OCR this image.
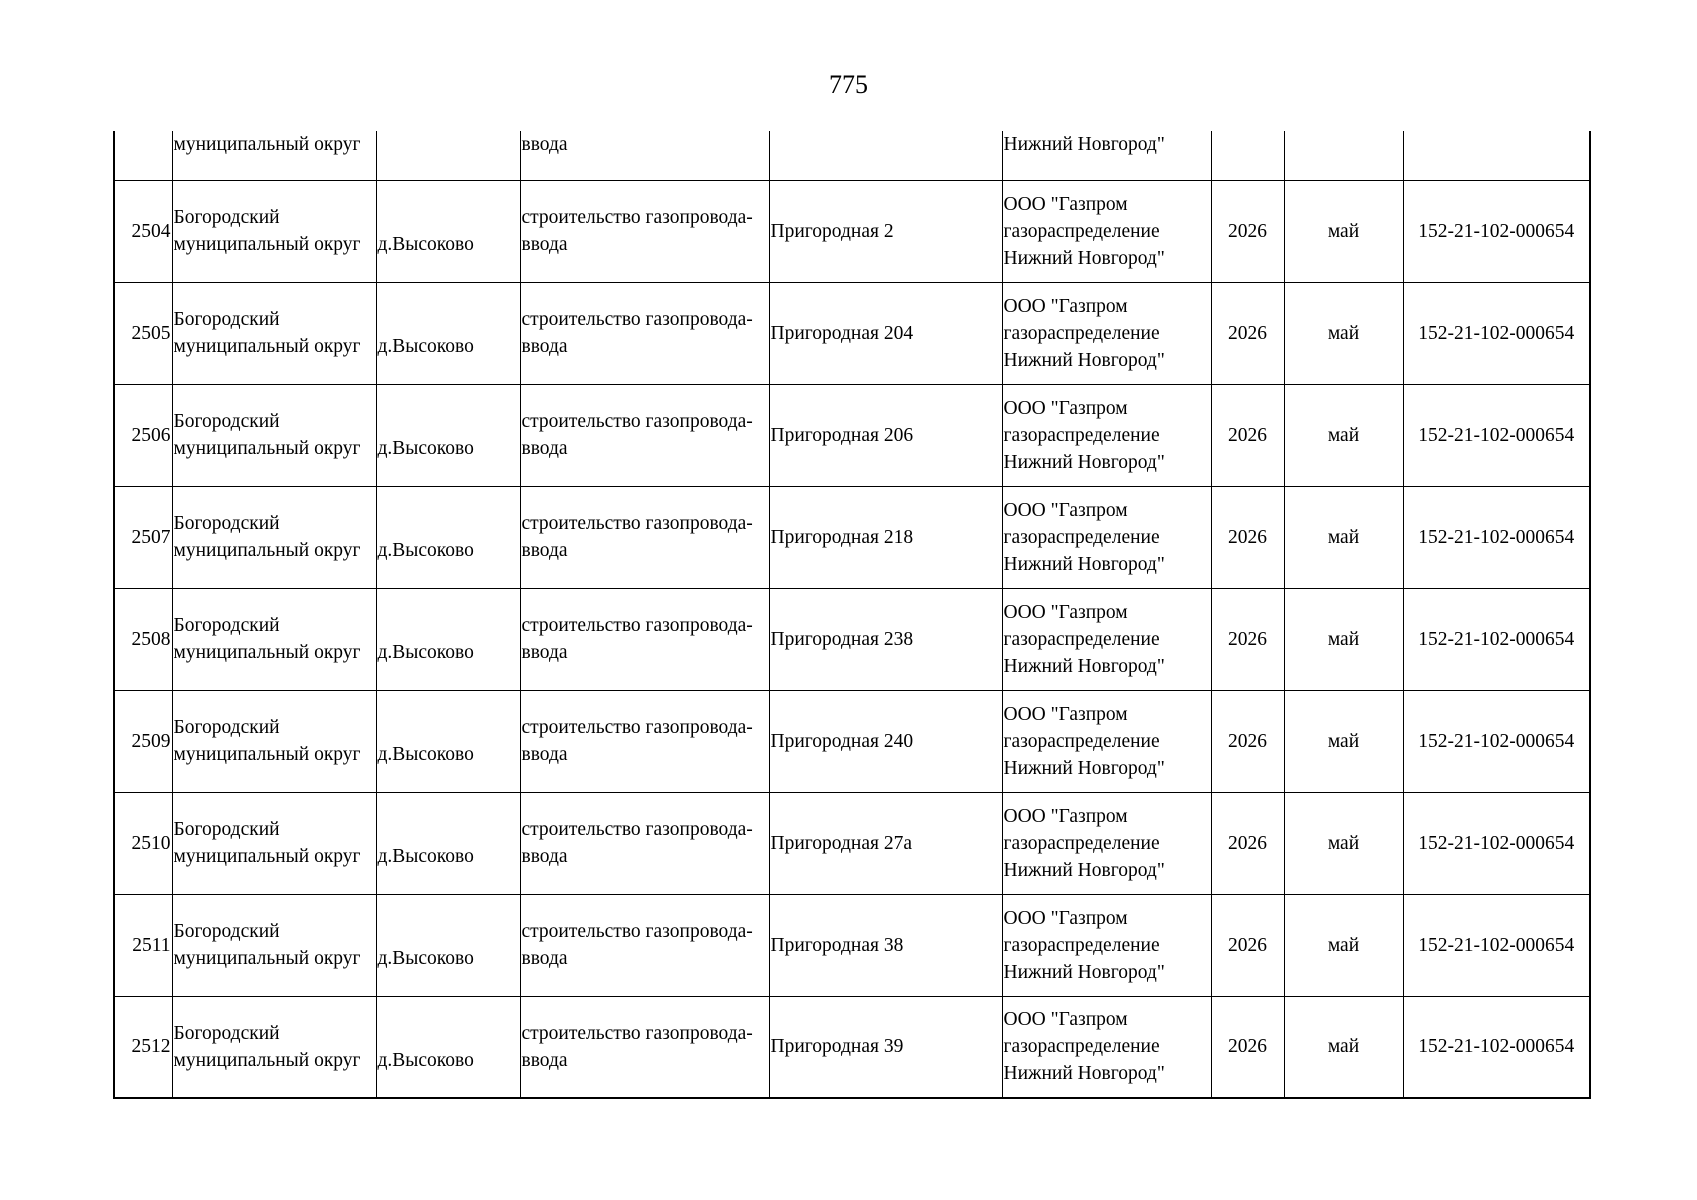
775
	муниципальный округ		ввода		Нижний Новгород"			
2504	Богородский
муниципальный округ	д.Высоково	строительство газопровода-
ввода	Пригородная 2	ООО "Газпром
газораспределение
Нижний Новгород"	2026	май	152-21-102-000654
2505	Богородский
муниципальный округ	д.Высоково	строительство газопровода-
ввода	Пригородная 204	ООО "Газпром
газораспределение
Нижний Новгород"	2026	май	152-21-102-000654
2506	Богородский
муниципальный округ	д.Высоково	строительство газопровода-
ввода	Пригородная 206	ООО "Газпром
газораспределение
Нижний Новгород"	2026	май	152-21-102-000654
2507	Богородский
муниципальный округ	д.Высоково	строительство газопровода-
ввода	Пригородная 218	ООО "Газпром
газораспределение
Нижний Новгород"	2026	май	152-21-102-000654
2508	Богородский
муниципальный округ	д.Высоково	строительство газопровода-
ввода	Пригородная 238	ООО "Газпром
газораспределение
Нижний Новгород"	2026	май	152-21-102-000654
2509	Богородский
муниципальный округ	д.Высоково	строительство газопровода-
ввода	Пригородная 240	ООО "Газпром
газораспределение
Нижний Новгород"	2026	май	152-21-102-000654
2510	Богородский
муниципальный округ	д.Высоково	строительство газопровода-
ввода	Пригородная 27а	ООО "Газпром
газораспределение
Нижний Новгород"	2026	май	152-21-102-000654
2511	Богородский
муниципальный округ	д.Высоково	строительство газопровода-
ввода	Пригородная 38	ООО "Газпром
газораспределение
Нижний Новгород"	2026	май	152-21-102-000654
2512	Богородский
муниципальный округ	д.Высоково	строительство газопровода-
ввода	Пригородная 39	ООО "Газпром
газораспределение
Нижний Новгород"	2026	май	152-21-102-000654
